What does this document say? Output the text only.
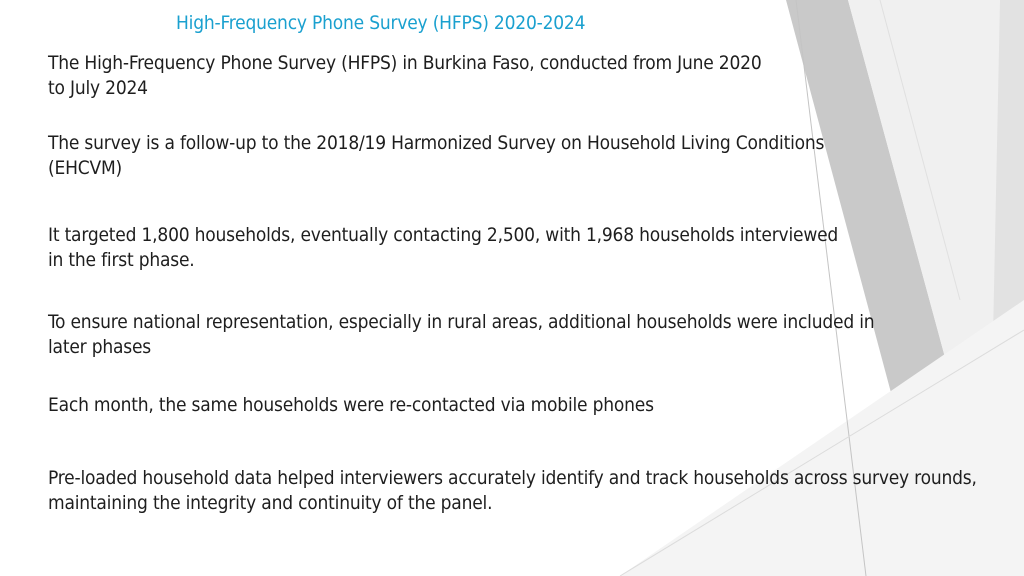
High-Frequency Phone Survey (HFPS) 2020-2024
The High-Frequency Phone Survey (HFPS) in Burkina Faso, conducted from June 2020 to July 2024
The survey is a follow-up to the 2018/19 Harmonized Survey on Household Living Conditions (EHCVM)
It targeted 1,800 households, eventually contacting 2,500, with 1,968 households interviewed in the first phase.
To ensure national representation, especially in rural areas, additional households were included in later phases
Each month, the same households were re-contacted via mobile phones
Pre-loaded household data helped interviewers accurately identify and track households across survey rounds, maintaining the integrity and continuity of the panel.
